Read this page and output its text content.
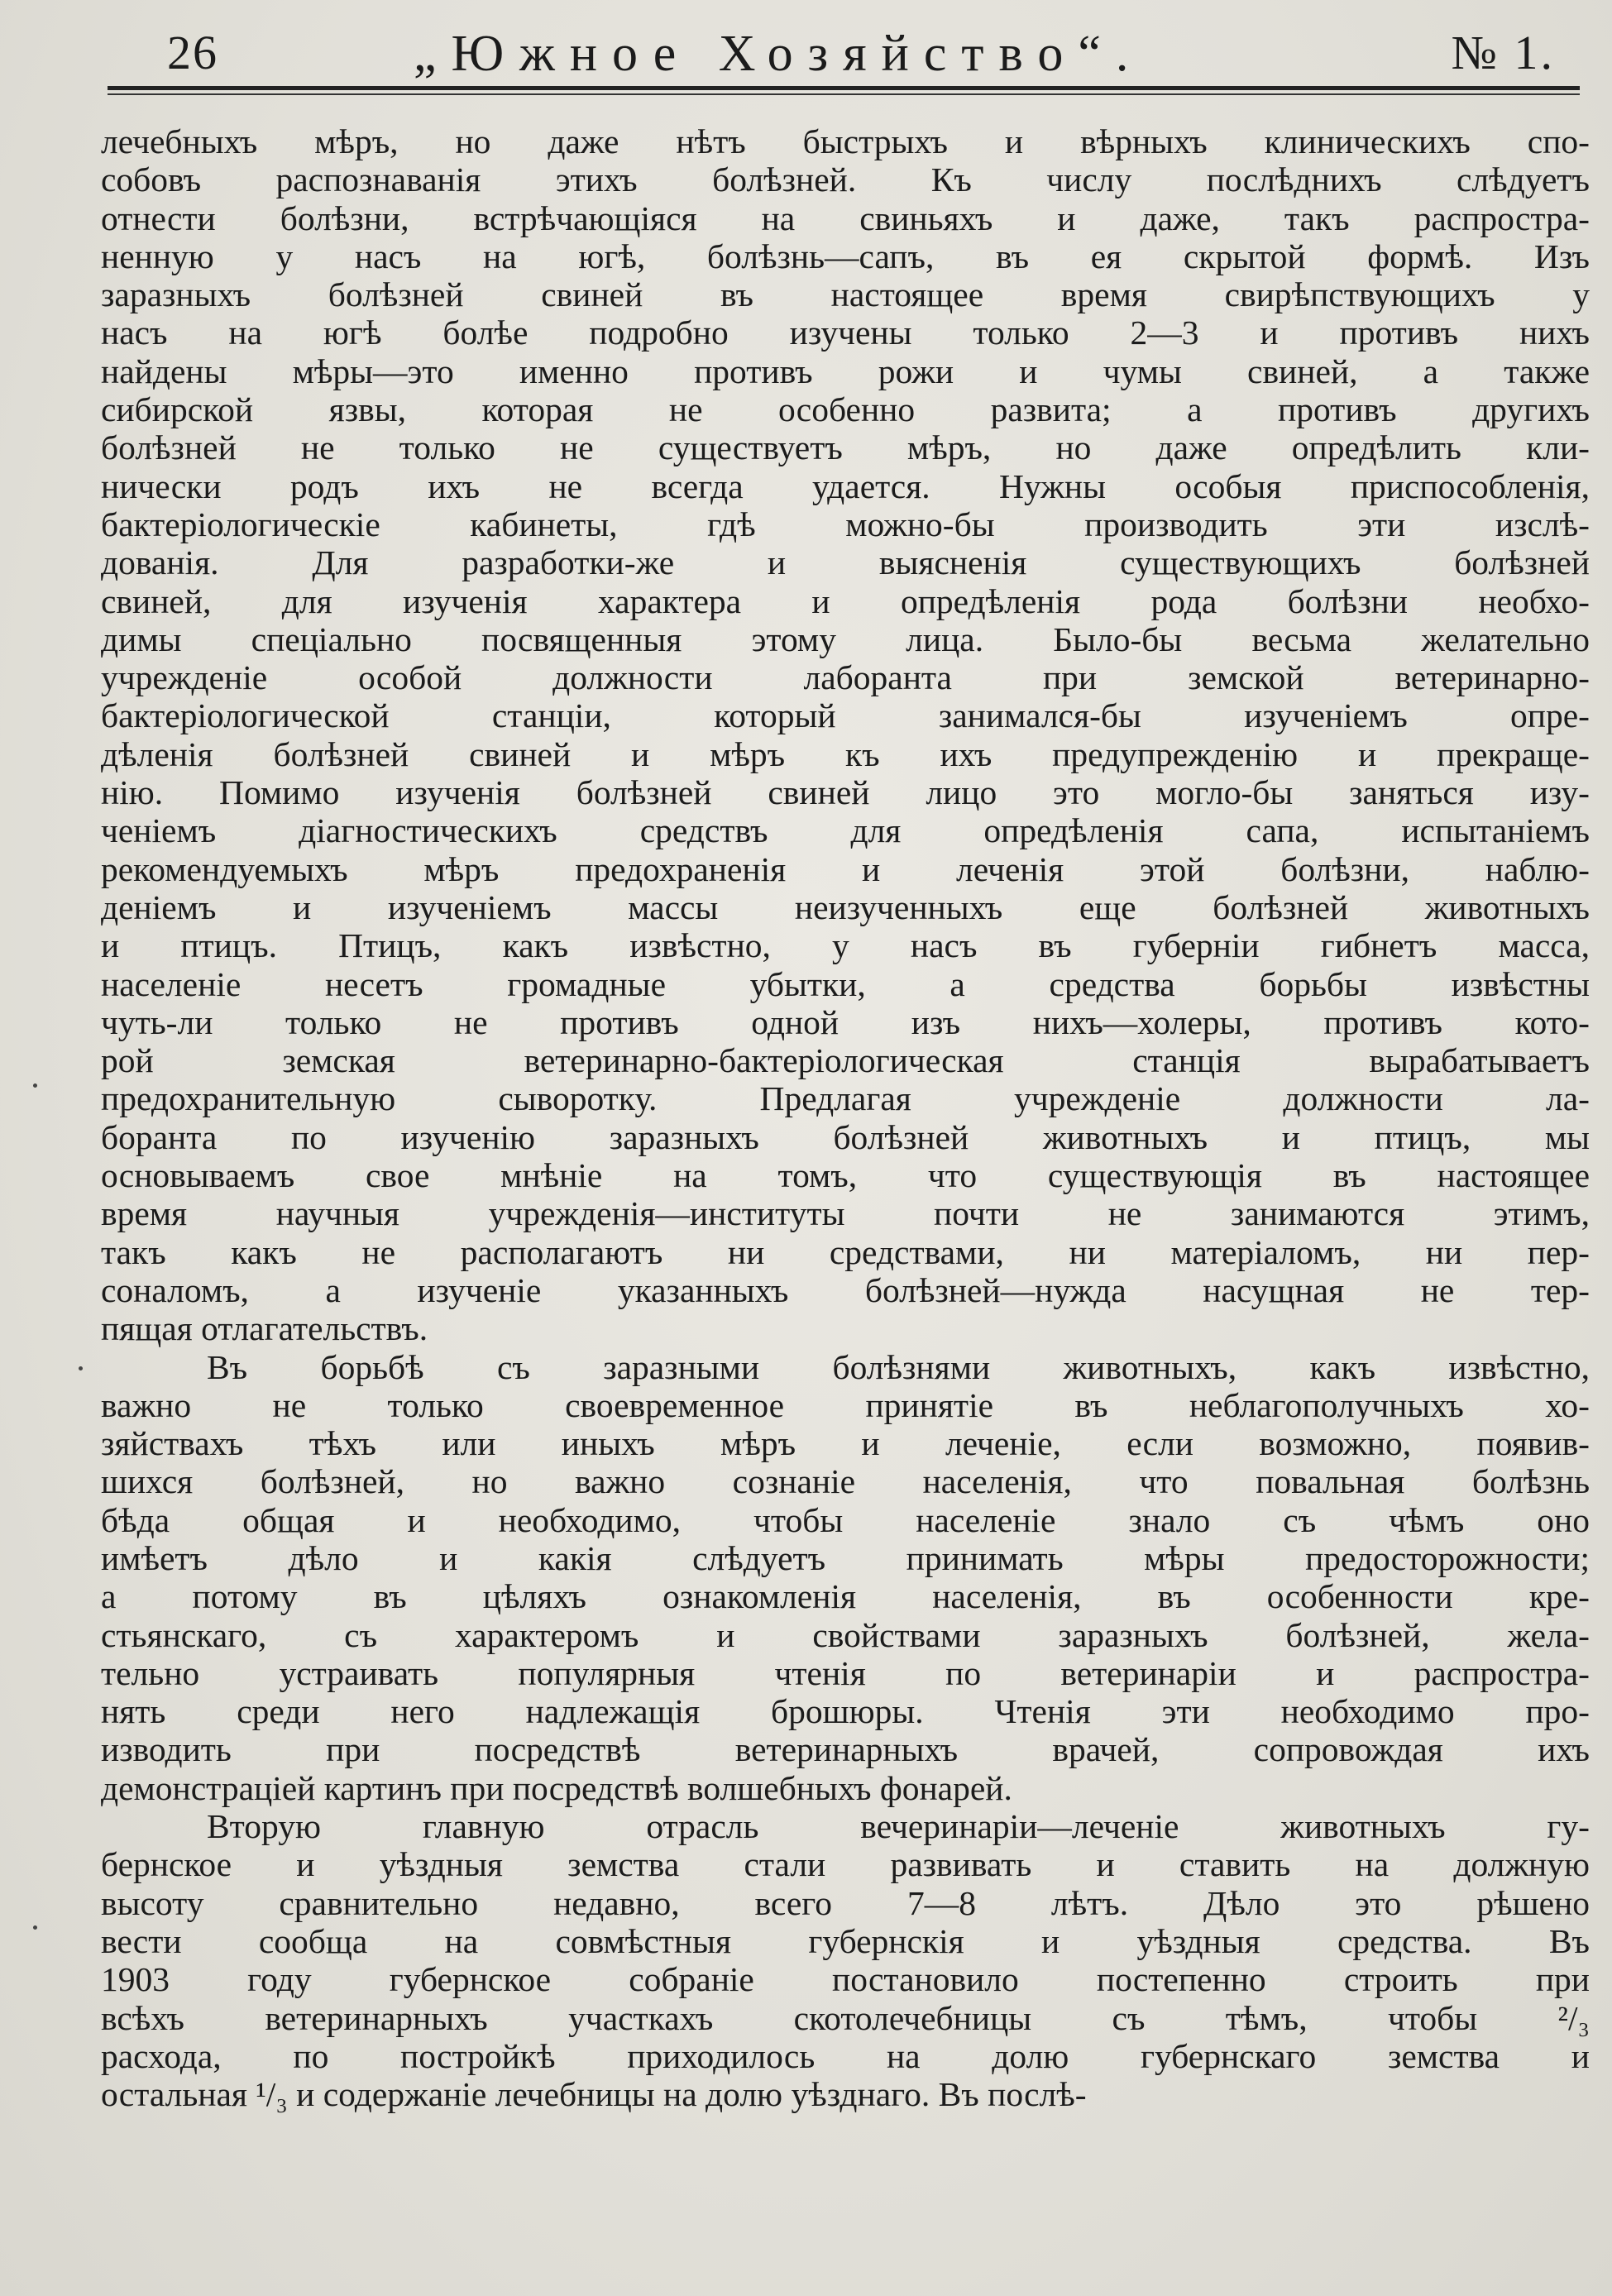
26	„Южное Хозяйство“.	№ 1.
лечебныхъ мѣръ, но даже нѣтъ быстрыхъ и вѣрныхъ клиническихъ спо-
собовъ распознаванія этихъ болѣзней. Къ числу послѣднихъ слѣдуетъ
отнести болѣзни, встрѣчающіяся на свиньяхъ и даже, такъ распростра-
ненную у насъ на югѣ, болѣзнь—сапъ, въ ея скрытой формѣ. Изъ
заразныхъ болѣзней свиней въ настоящее время свирѣпствующихъ у
насъ на югѣ болѣе подробно изучены только 2—3 и противъ нихъ
найдены мѣры—это именно противъ рожи и чумы свиней, а также
сибирской язвы, которая не особенно развита; а противъ другихъ
болѣзней не только не существуетъ мѣръ, но даже опредѣлить кли-
нически родъ ихъ не всегда удается. Нужны особыя приспособленія,
бактеріологическіе кабинеты, гдѣ можно-бы производить эти изслѣ-
дованія. Для разработки-же и выясненія существующихъ болѣзней
свиней, для изученія характера и опредѣленія рода болѣзни необхо-
димы спеціально посвященныя этому лица. Было-бы весьма желательно
учрежденіе особой должности лаборанта при земской ветеринарно-
бактеріологической станціи, который занимался-бы изученіемъ опре-
дѣленія болѣзней свиней и мѣръ къ ихъ предупрежденію и прекраще-
нію. Помимо изученія болѣзней свиней лицо это могло-бы заняться изу-
ченіемъ діагностическихъ средствъ для опредѣленія сапа, испытаніемъ
рекомендуемыхъ мѣръ предохраненія и леченія этой болѣзни, наблю-
деніемъ и изученіемъ массы неизученныхъ еще болѣзней животныхъ
и птицъ. Птицъ, какъ извѣстно, у насъ въ губерніи гибнетъ масса,
населеніе несетъ громадные убытки, а средства борьбы извѣстны
чуть-ли только не противъ одной изъ нихъ—холеры, противъ кото-
рой земская ветеринарно-бактеріологическая станція вырабатываетъ
предохранительную сыворотку. Предлагая учрежденіе должности ла-
боранта по изученію заразныхъ болѣзней животныхъ и птицъ, мы
основываемъ свое мнѣніе на томъ, что существующія въ настоящее
время научныя учрежденія—институты почти не занимаются этимъ,
такъ какъ не располагаютъ ни средствами, ни матеріаломъ, ни пер-
соналомъ, а изученіе указанныхъ болѣзней—нужда насущная не тер-
пящая отлагательствъ.
Въ борьбѣ съ заразными болѣзнями животныхъ, какъ извѣстно,
важно не только своевременное принятіе въ неблагополучныхъ хо-
зяйствахъ тѣхъ или иныхъ мѣръ и леченіе, если возможно, появив-
шихся болѣзней, но важно сознаніе населенія, что повальная болѣзнь
бѣда общая и необходимо, чтобы населеніе знало съ чѣмъ оно
имѣетъ дѣло и какія слѣдуетъ принимать мѣры предосторожности;
а потому въ цѣляхъ ознакомленія населенія, въ особенности кре-
стьянскаго, съ характеромъ и свойствами заразныхъ болѣзней, жела-
тельно устраивать популярныя чтенія по ветеринаріи и распростра-
нять среди него надлежащія брошюры. Чтенія эти необходимо про-
изводить при посредствѣ ветеринарныхъ врачей, сопровождая ихъ
демонстраціей картинъ при посредствѣ волшебныхъ фонарей.
Вторую главную отрасль вечеринаріи—леченіе животныхъ гу-
бернское и уѣздныя земства стали развивать и ставить на должную
высоту сравнительно недавно, всего 7—8 лѣтъ. Дѣло это рѣшено
вести сообща на совмѣстныя губернскія и уѣздныя средства. Въ
1903 году губернское собраніе постановило постепенно строить при
всѣхъ ветеринарныхъ участкахъ скотолечебницы съ тѣмъ, чтобы ²/₃
расхода, по постройкѣ приходилось на долю губернскаго земства и
остальная ¹/₃ и содержаніе лечебницы на долю уѣзднаго. Въ послѣ-
